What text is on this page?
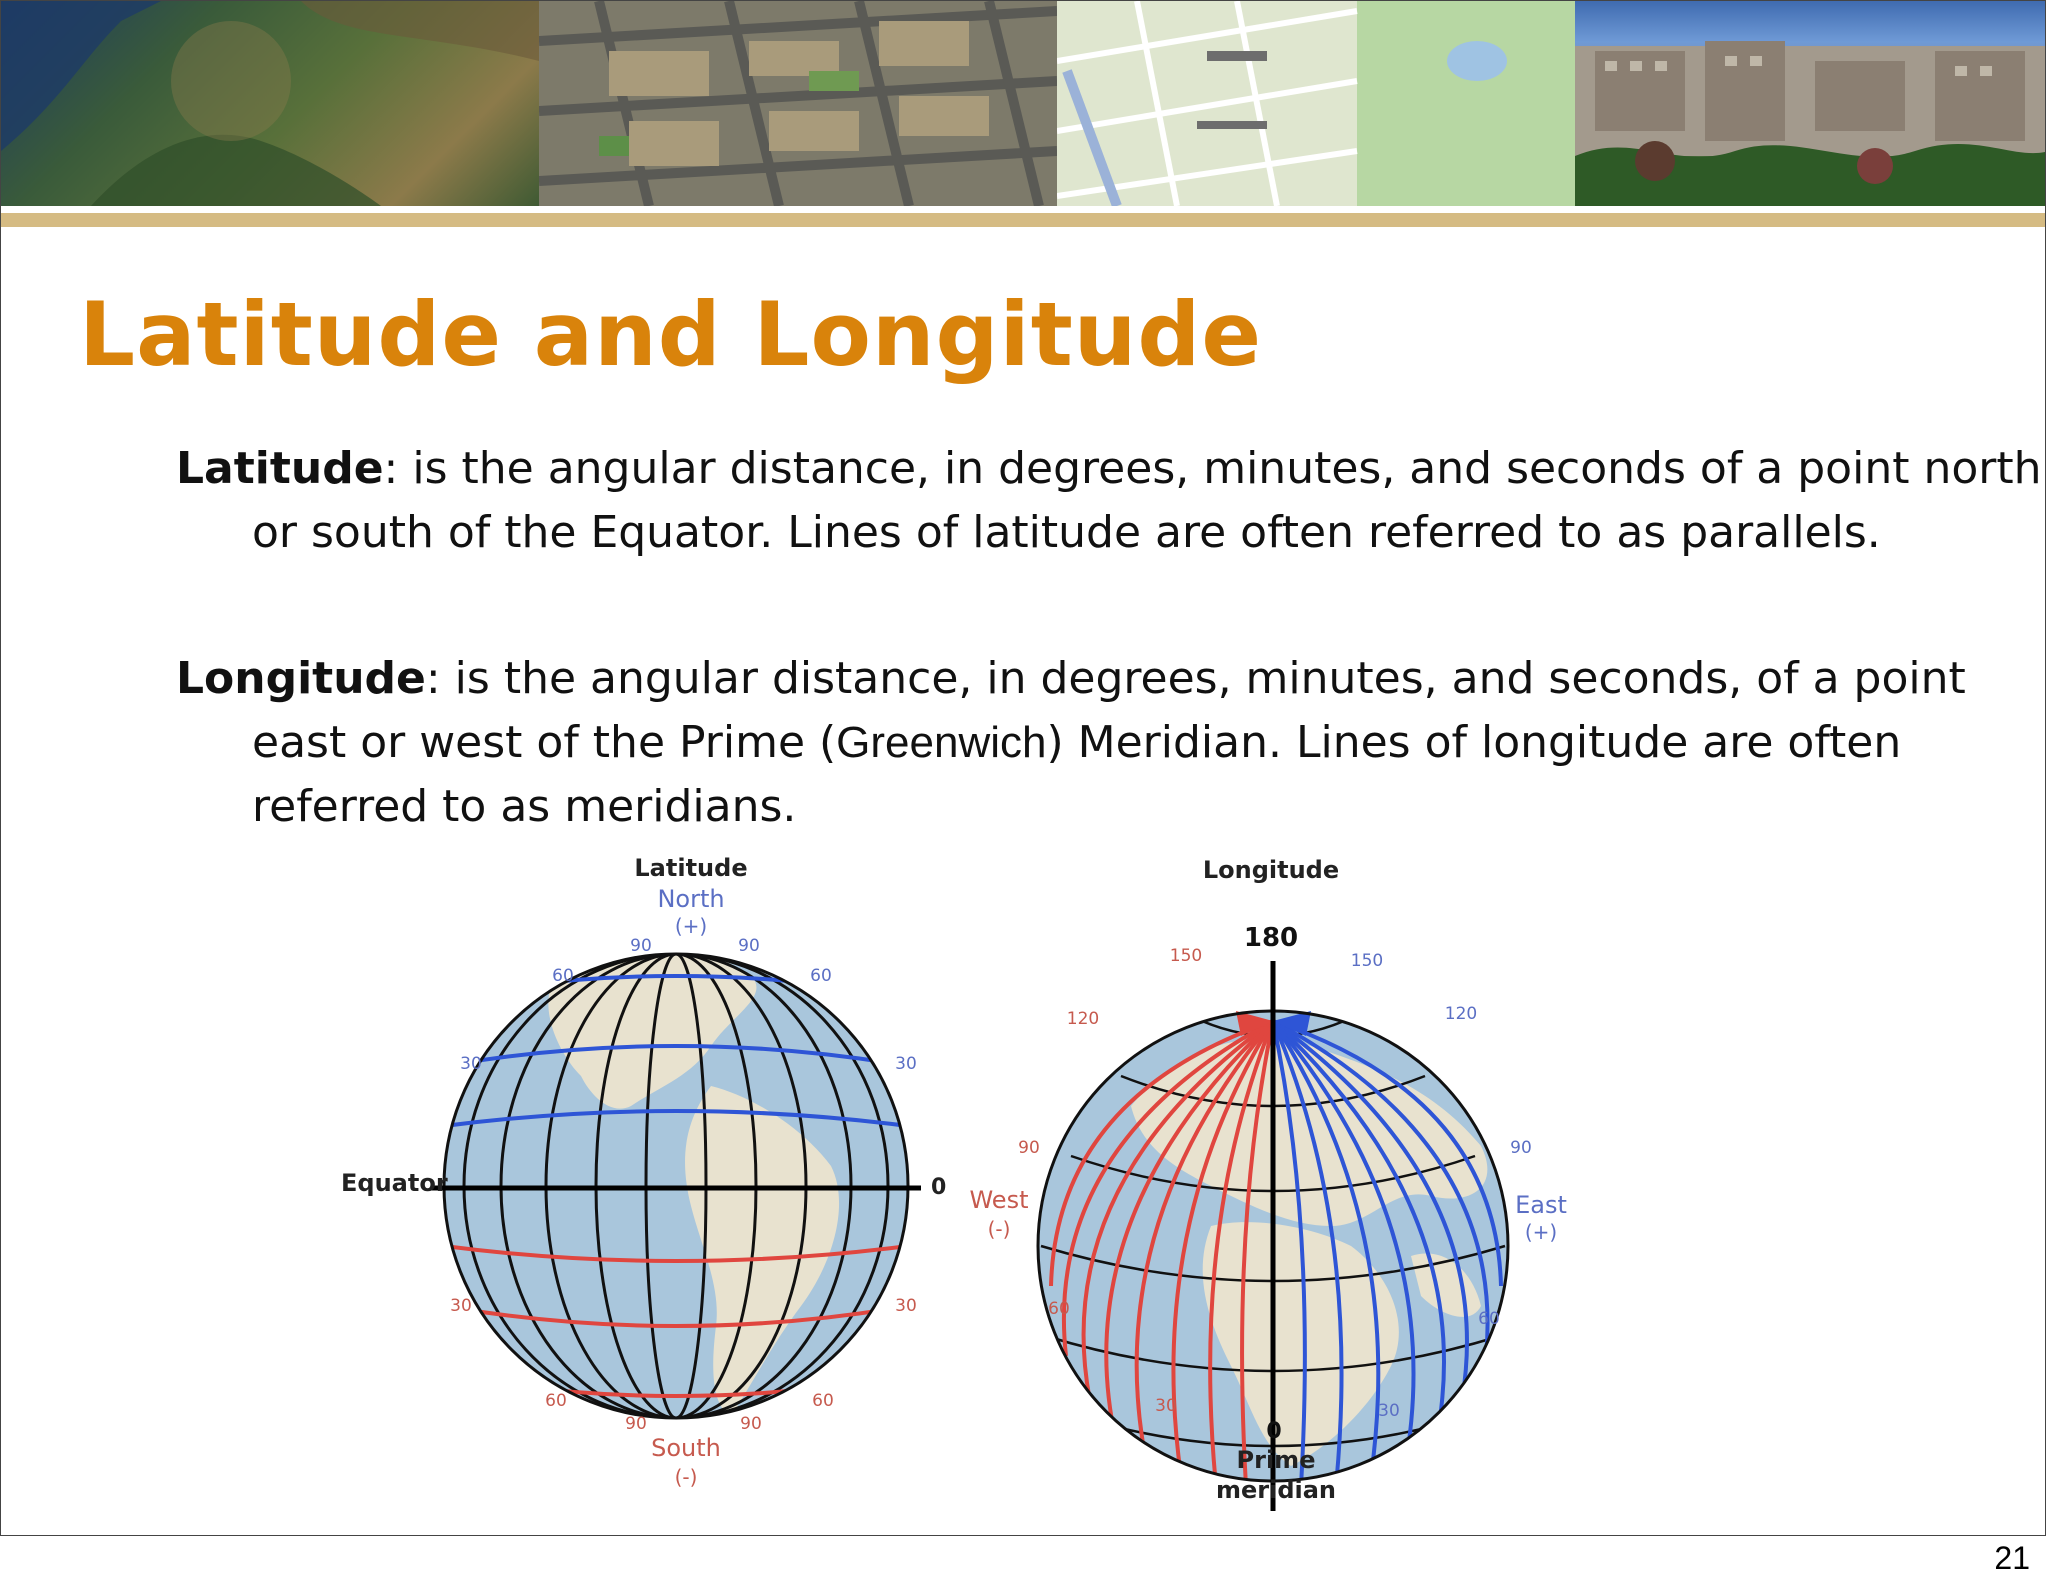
Latitude and Longitude

Latitude: is the angular distance, in degrees, minutes, and seconds of a point north or south of the Equator. Lines of latitude are often referred to as parallels.

Longitude: is the angular distance, in degrees, minutes, and seconds, of a point east or west of the Prime (Greenwich) Meridian. Lines of longitude are often referred to as meridians.

Latitude
North
(+)
90	90
60	60
30	30
Equator	0
30	30
60	60
90	90
South
(-)
Longitude
180
150	150
120	120
90	90
West
(-)
East
(+)
60	60
30	30
0
Prime
meridian
21
